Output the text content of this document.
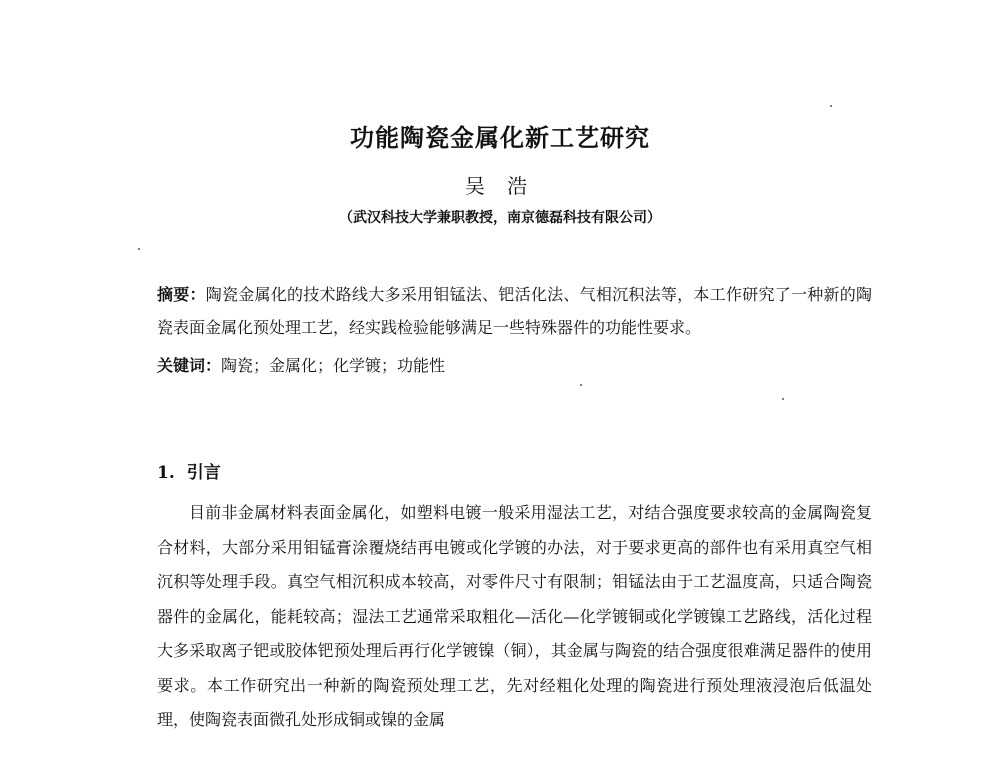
功能陶瓷金属化新工艺研究
吴 浩
（武汉科技大学兼职教授，南京德磊科技有限公司）

摘要：陶瓷金属化的技术路线大多采用钼锰法、钯活化法、气相沉积法等，本工作研究了一种新的陶瓷表面金属化预处理工艺，经实践检验能够满足一些特殊器件的功能性要求。

关键词：陶瓷；金属化；化学镀；功能性

1. 引言

目前非金属材料表面金属化，如塑料电镀一般采用湿法工艺，对结合强度要求较高的金属陶瓷复合材料，大部分采用钼锰膏涂覆烧结再电镀或化学镀的办法，对于要求更高的部件也有采用真空气相沉积等处理手段。真空气相沉积成本较高，对零件尺寸有限制；钼锰法由于工艺温度高，只适合陶瓷器件的金属化，能耗较高；湿法工艺通常采取粗化—活化—化学镀铜或化学镀镍工艺路线，活化过程大多采取离子钯或胶体钯预处理后再行化学镀镍（铜），其金属与陶瓷的结合强度很难满足器件的使用要求。本工作研究出一种新的陶瓷预处理工艺，先对经粗化处理的陶瓷进行预处理液浸泡后低温处理，使陶瓷表面微孔处形成铜或镍的金属
